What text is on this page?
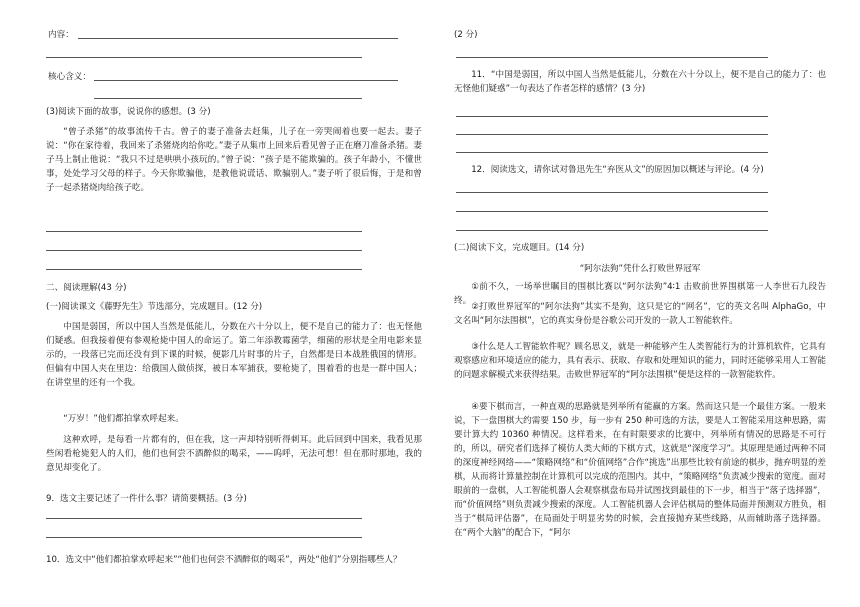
内容：
核心含义：

(3)阅读下面的故事，说说你的感想。(3 分)

“曾子杀猪”的故事流传千古。曾子的妻子准备去赶集，儿子在一旁哭闹着也要一起去。妻子说：“你在家待着，我回来了杀猪烧肉给你吃。”妻子从集市上回来后看见曾子正在磨刀准备杀猪。妻子马上制止他说：“我只不过是哄哄小孩玩的。”曾子说：“孩子是不能欺骗的。孩子年龄小，不懂世事，处处学习父母的样子。今天你欺骗他，是教他说谎话、欺骗别人。”妻子听了很后悔，于是和曾子一起杀猪烧肉给孩子吃。

二、阅读理解(43 分)

(一)阅读课文《藤野先生》节选部分，完成题目。(12 分)

中国是弱国，所以中国人当然是低能儿，分数在六十分以上，便不是自己的能力了：也无怪他们疑惑。但我接着便有参观枪毙中国人的命运了。第二年添教霉菌学，细菌的形状是全用电影来显示的，一段落已完而还没有到下课的时候，便影几片时事的片子，自然都是日本战胜俄国的情形。但偏有中国人夹在里边：给俄国人做侦探，被日本军捕获，要枪毙了，围着看的也是一群中国人；在讲堂里的还有一个我。

“万岁！”他们都拍掌欢呼起来。

这种欢呼，是每看一片都有的，但在我，这一声却特别听得刺耳。此后回到中国来，我看见那些闲看枪毙犯人的人们，他们也何尝不酒醉似的喝采，——呜呼，无法可想！但在那时那地，我的意见却变化了。

9．选文主要记述了一件什么事？请简要概括。(3 分)

10．选文中“他们都拍掌欢呼起来”“他们也何尝不酒醉似的喝采”，两处“他们”分别指哪些人？

(2 分)

11．“中国是弱国，所以中国人当然是低能儿，分数在六十分以上，便不是自己的能力了：也无怪他们疑惑”一句表达了作者怎样的感情？(3 分)

12．阅读选文，请你试对鲁迅先生“弃医从文”的原因加以概述与评论。(4 分)

(二)阅读下文，完成题目。(14 分)

“阿尔法狗”凭什么打败世界冠军

①前不久，一场举世瞩目的围棋比赛以“阿尔法狗”4∶1 击败前世界围棋第一人李世石九段告终。

②打败世界冠军的“阿尔法狗”其实不是狗，这只是它的“网名”，它的英文名叫 AlphaGo，中文名叫“阿尔法围棋”，它的真实身份是谷歌公司开发的一款人工智能软件。

③什么是人工智能软件呢？顾名思义，就是一种能够产生人类智能行为的计算机软件，它具有观察感应和环境适应的能力，具有表示、获取、存取和处理知识的能力，同时还能够采用人工智能的问题求解模式来获得结果。击败世界冠军的“阿尔法围棋”便是这样的一款智能软件。

④要下棋而言，一种直观的思路就是列举所有能赢的方案。然而这只是一个最佳方案。一般来说，下一盘围棋大约需要 150 步，每一步有 250 种可选的方法，要是人工智能采用这种思路，需要计算大约 10360 种情况。这样看来，在有时限要求的比赛中，列举所有情况的思路是不可行的，所以，研究者们选择了模仿人类大师的下棋方式，这就是“深度学习”。其原理是通过两种不同的深度神经网络——“策略网络”和“价值网络”合作“挑选”出那些比较有前途的棋步，抛弃明显的差棋，从而将计算量控制在计算机可以完成的范围内。其中，“策略网络”负责减少搜索的宽度。面对眼前的一盘棋，人工智能机器人会观察棋盘布局并试图找到最佳的下一步，相当于“落子选择器”，而“价值网络”则负责减少搜索的深度。人工智能机器人会评估棋局的整体局面并预测双方胜负，相当于“棋局评估器”，在局面处于明显劣势的时候，会直接抛弃某些线路，从而辅助落子选择器。在“两个大脑”的配合下，“阿尔
